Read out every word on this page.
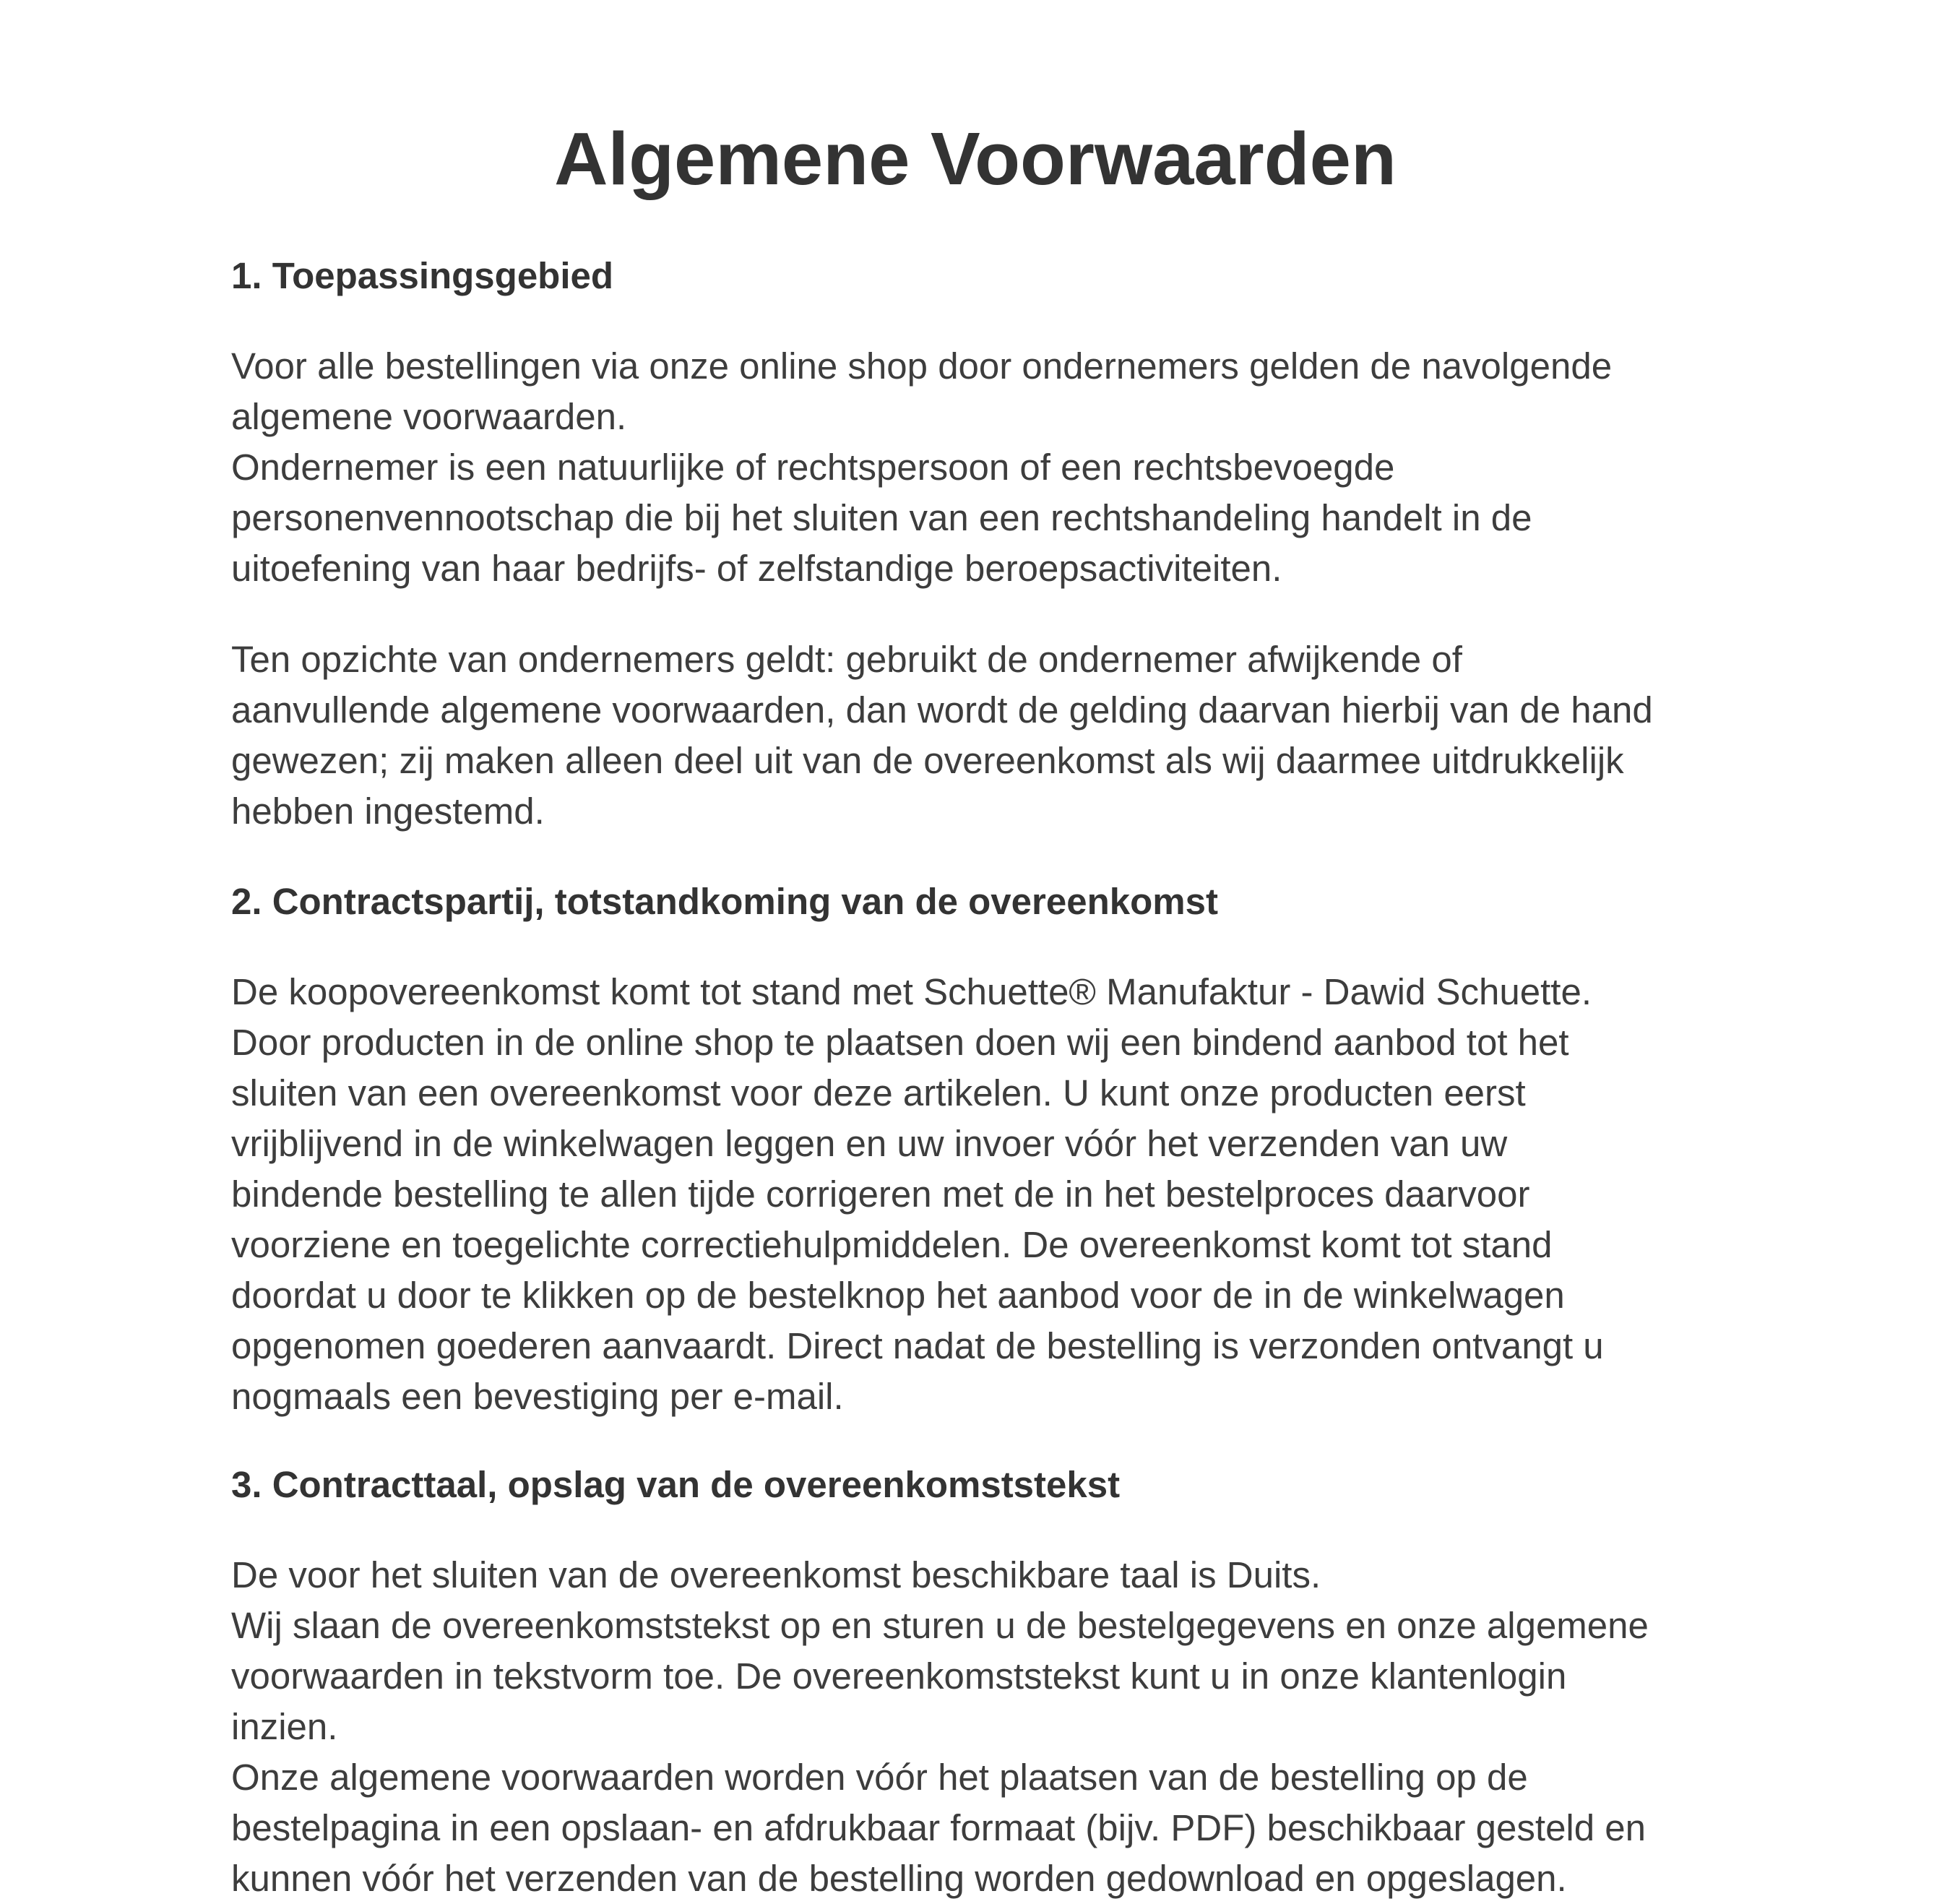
Algemene Voorwaarden
1. Toepassingsgebied

Voor alle bestellingen via onze online shop door ondernemers gelden de navolgende
algemene voorwaarden.
Ondernemer is een natuurlijke of rechtspersoon of een rechtsbevoegde
personenvennootschap die bij het sluiten van een rechtshandeling handelt in de
uitoefening van haar bedrijfs- of zelfstandige beroepsactiviteiten.

Ten opzichte van ondernemers geldt: gebruikt de ondernemer afwijkende of
aanvullende algemene voorwaarden, dan wordt de gelding daarvan hierbij van de hand
gewezen; zij maken alleen deel uit van de overeenkomst als wij daarmee uitdrukkelijk
hebben ingestemd.

2. Contractspartij, totstandkoming van de overeenkomst

De koopovereenkomst komt tot stand met Schuette® Manufaktur - Dawid Schuette.
Door producten in de online shop te plaatsen doen wij een bindend aanbod tot het
sluiten van een overeenkomst voor deze artikelen. U kunt onze producten eerst
vrijblijvend in de winkelwagen leggen en uw invoer vóór het verzenden van uw
bindende bestelling te allen tijde corrigeren met de in het bestelproces daarvoor
voorziene en toegelichte correctiehulpmiddelen. De overeenkomst komt tot stand
doordat u door te klikken op de bestelknop het aanbod voor de in de winkelwagen
opgenomen goederen aanvaardt. Direct nadat de bestelling is verzonden ontvangt u
nogmaals een bevestiging per e-mail.

3. Contracttaal, opslag van de overeenkomststekst

De voor het sluiten van de overeenkomst beschikbare taal is Duits.
Wij slaan de overeenkomststekst op en sturen u de bestelgegevens en onze algemene
voorwaarden in tekstvorm toe. De overeenkomststekst kunt u in onze klantenlogin
inzien.
Onze algemene voorwaarden worden vóór het plaatsen van de bestelling op de
bestelpagina in een opslaan- en afdrukbaar formaat (bijv. PDF) beschikbaar gesteld en
kunnen vóór het verzenden van de bestelling worden gedownload en opgeslagen.
